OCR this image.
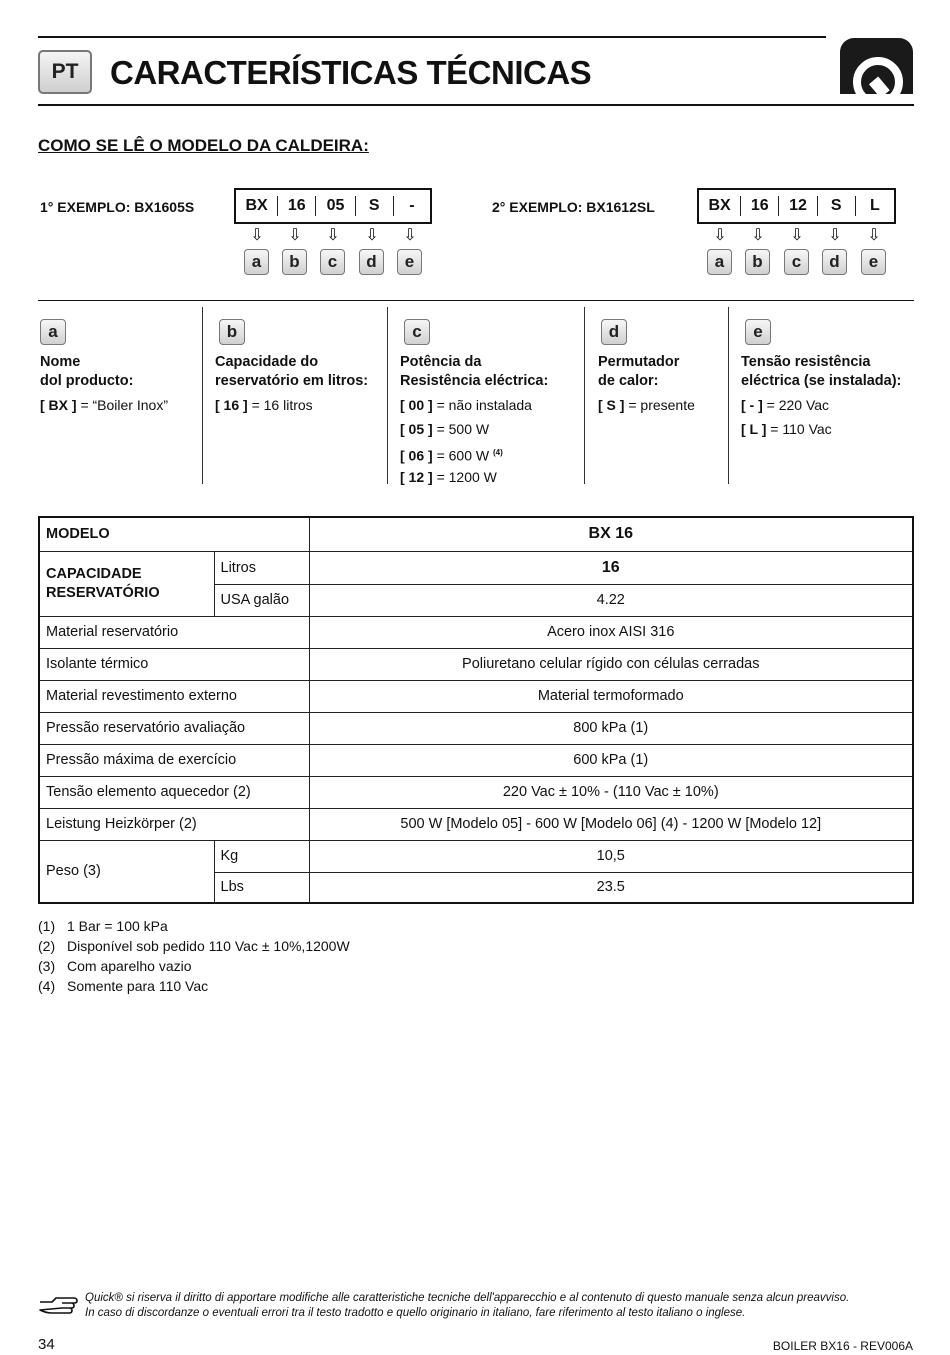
PT CARACTERÍSTICAS TÉCNICAS
COMO SE LÊ O MODELO DA CALDEIRA:
1° EXEMPLO: BX1605S	BX	16	05	S	-
⇩ ⇩ ⇩ ⇩ ⇩
a	b	c	d	e
2° EXEMPLO: BX1612SL	BX	16	12	S	L
⇩ ⇩ ⇩ ⇩ ⇩
a	b	c	d	e
a
Nome
dol producto:
[ BX ] = “Boiler Inox”
b
Capacidade do
reservatório em litros:
[ 16 ] = 16 litros
c
Potência da
Resistência eléctrica:
[ 00 ] = não instalada
[ 05 ] = 500 W
[ 06 ] = 600 W $^{(4)}$
[ 12 ] = 1200 W
d
Permutador
de calor:
[ S ] = presente
e
Tensão resistência
eléctrica (se instalada):
[ - ] = 220 Vac
[ L ] = 110 Vac
MODELO		BX 16
CAPACIDADE RESERVATÓRIO	Litros	16
	USA galão	4.22
Material reservatório		Acero inox AISI 316
Isolante térmico		Poliuretano celular rígido con células cerradas
Material revestimento externo		Material termoformado
Pressão reservatório avaliação		800 kPa (1)
Pressão máxima de exercício		600 kPa (1)
Tensão elemento aquecedor (2)		220 Vac ± 10% - (110 Vac ± 10%)
Leistung Heizkörper (2)		500 W [Modelo 05] - 600 W [Modelo 06] (4) - 1200 W [Modelo 12]
Peso (3)	Kg	10,5
	Lbs	23.5
(1) 1 Bar = 100 kPa
(2) Disponível sob pedido 110 Vac ± 10%,1200W
(3) Com aparelho vazio
(4) Somente para 110 Vac
Quick® si riserva il diritto di apportare modifiche alle caratteristiche tecniche dell'apparecchio e al contenuto di questo manuale senza alcun preavviso.
In caso di discordanze o eventuali errori tra il testo tradotto e quello originario in italiano, fare riferimento al testo italiano o inglese.
34	BOILER BX16 - REV006A
